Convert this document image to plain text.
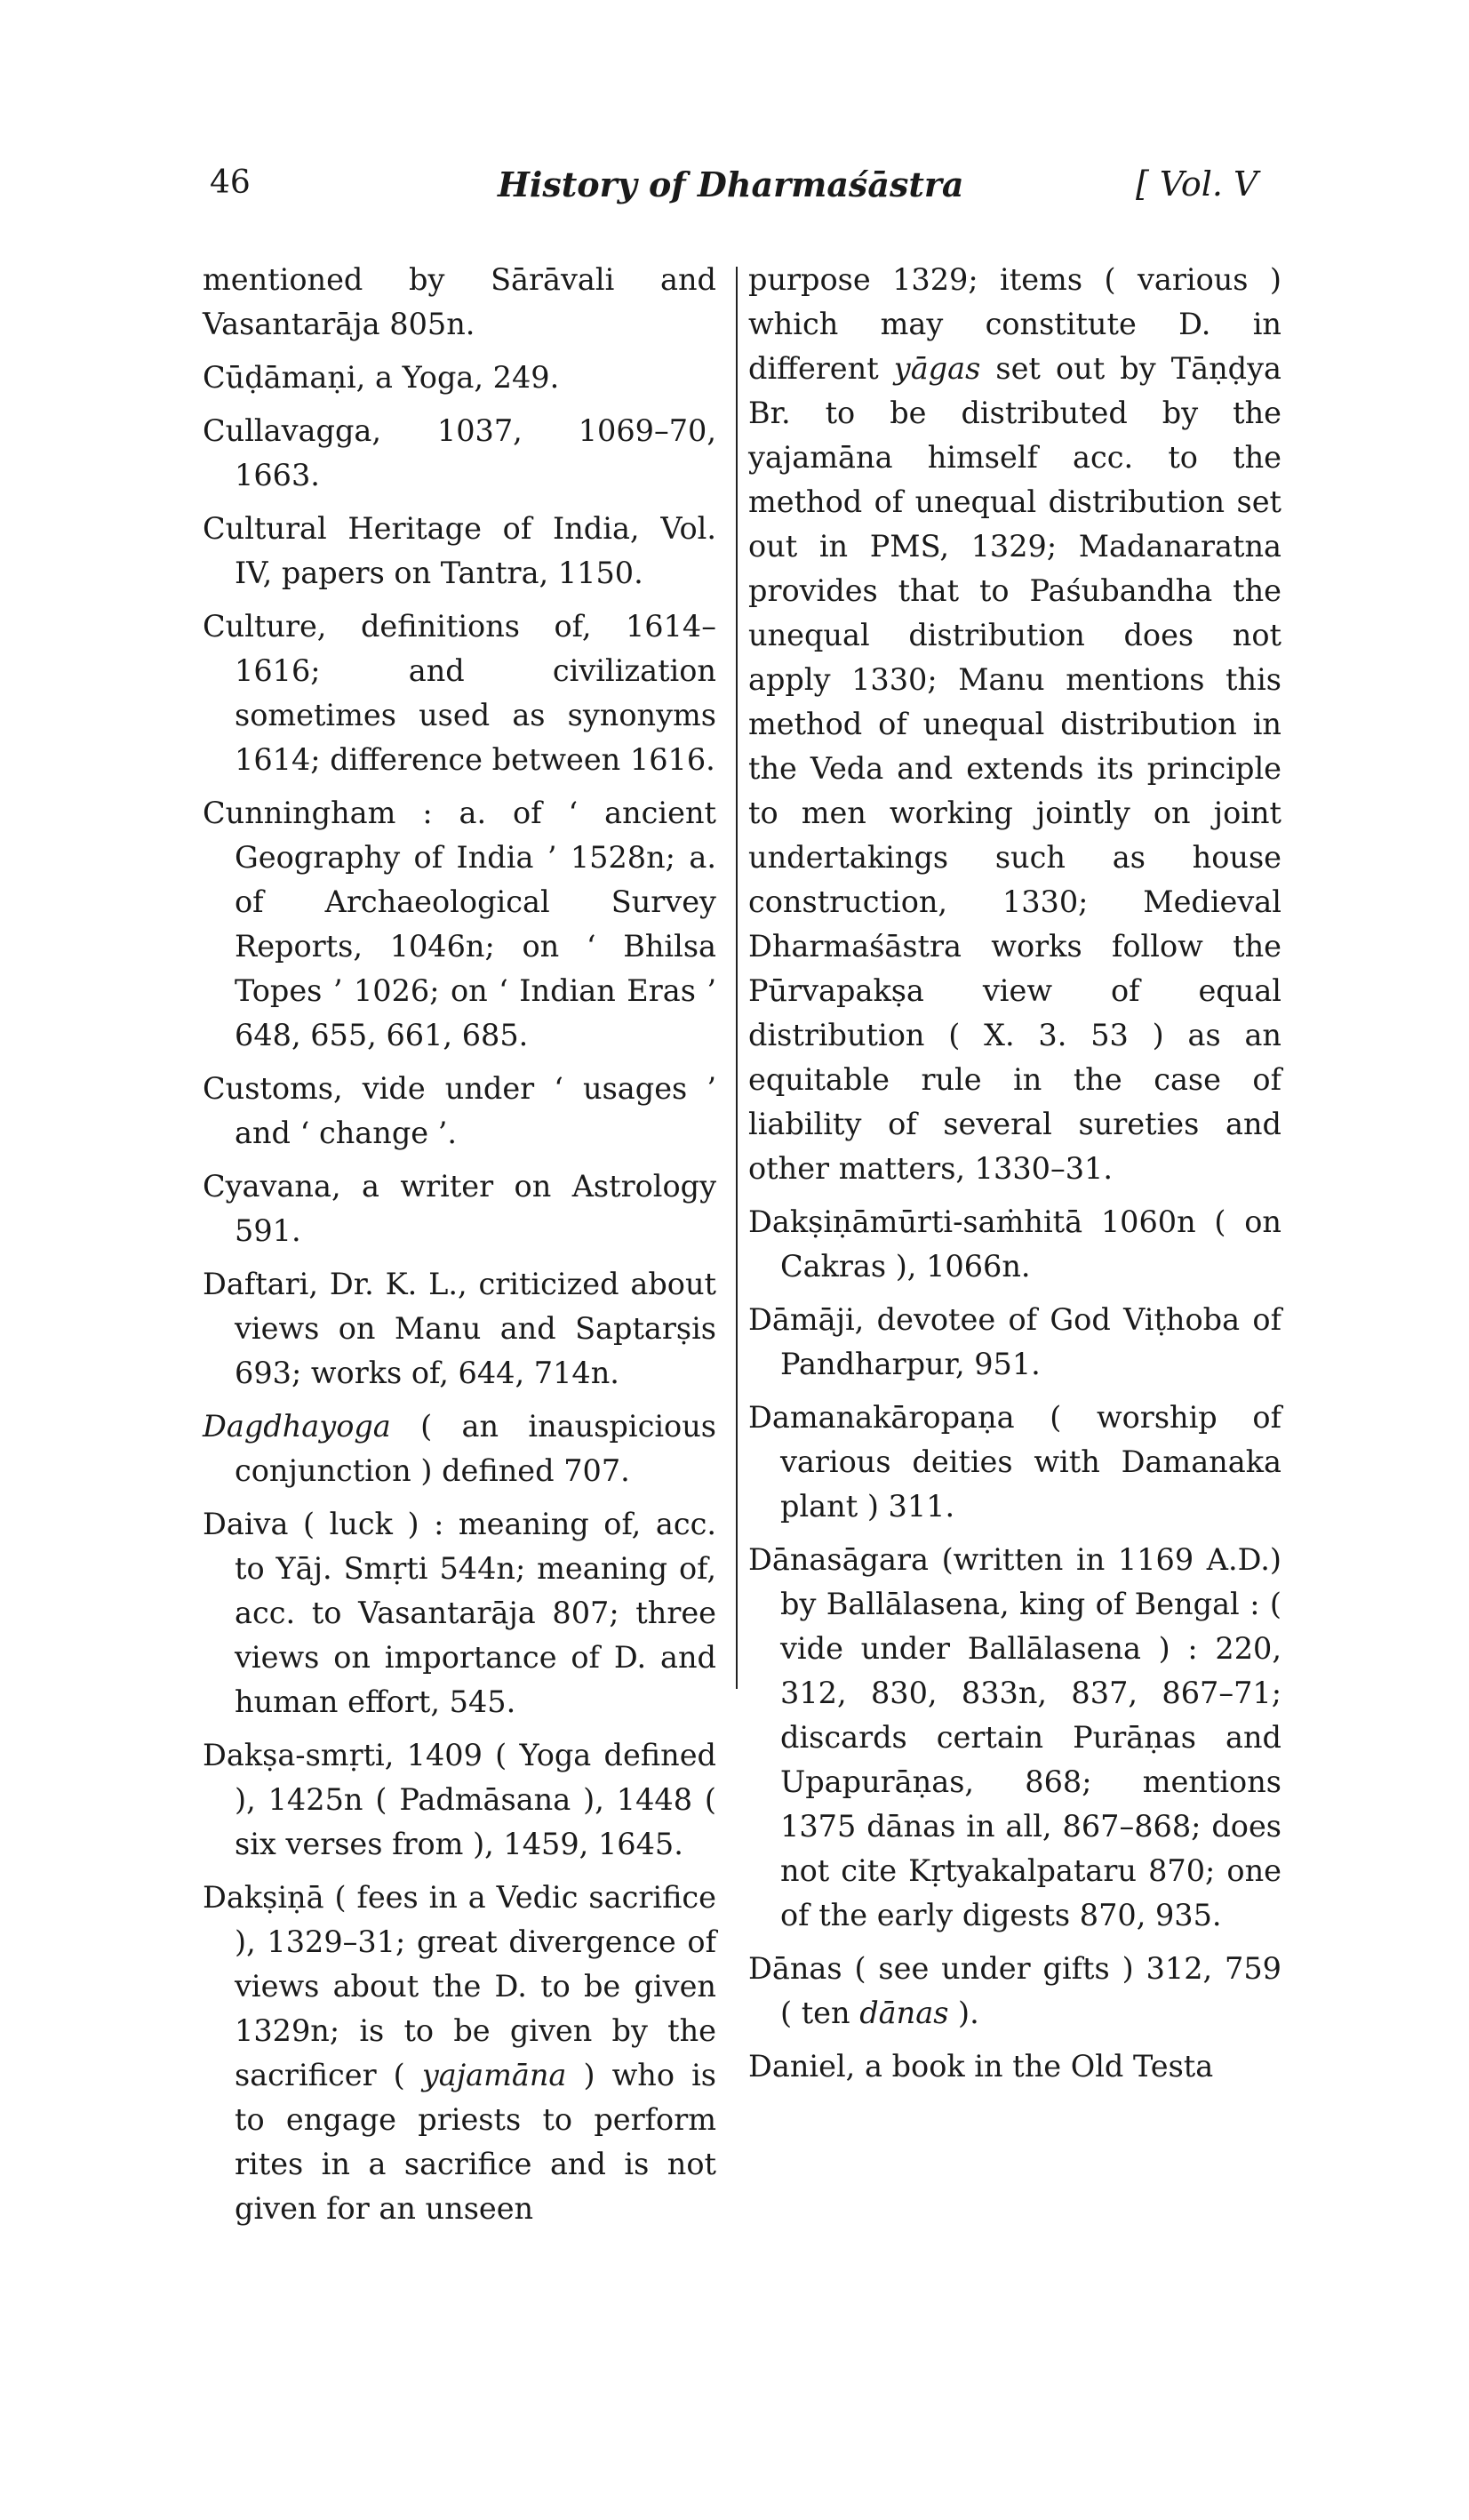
46	History of Dharmaśāstra	[ Vol. V

mentioned by Sārāvali and Vasantarāja 805n.

Cūḍāmaṇi, a Yoga, 249.

Cullavagga, 1037, 1069–70, 1663.

Cultural Heritage of India, Vol. IV, papers on Tantra, 1150.

Culture, definitions of, 1614–1616; and civilization sometimes used as synonyms 1614; difference between 1616.

Cunningham : a. of ‘ ancient Geography of India ’ 1528n; a. of Archaeological Survey Reports, 1046n; on ‘ Bhilsa Topes ’ 1026; on ‘ Indian Eras ’ 648, 655, 661, 685.

Customs, vide under ‘ usages ’ and ‘ change ’.

Cyavana, a writer on Astrology 591.

Daftari, Dr. K. L., criticized about views on Manu and Saptarṣis 693; works of, 644, 714n.

Dagdhayoga ( an inauspicious conjunction ) defined 707.

Daiva ( luck ) : meaning of, acc. to Yāj. Smṛti 544n; meaning of, acc. to Vasantarāja 807; three views on importance of D. and human effort, 545.

Dakṣa-smṛti, 1409 ( Yoga defined ), 1425n ( Padmāsana ), 1448 ( six verses from ), 1459, 1645.

Dakṣiṇā ( fees in a Vedic sacrifice ), 1329–31; great divergence of views about the D. to be given 1329n; is to be given by the sacrificer ( yajamāna ) who is to engage priests to perform rites in a sacrifice and is not given for an unseen

purpose 1329; items ( various ) which may constitute D. in different yāgas set out by Tāṇḍya Br. to be distributed by the yajamāna himself acc. to the method of unequal distribution set out in PMS, 1329; Madanaratna provides that to Paśubandha the unequal distribution does not apply 1330; Manu mentions this method of unequal distribution in the Veda and extends its principle to men working jointly on joint undertakings such as house construction, 1330; Medieval Dharmaśāstra works follow the Pūrvapakṣa view of equal distribution ( X. 3. 53 ) as an equitable rule in the case of liability of several sureties and other matters, 1330–31.

Dakṣiṇāmūrti-saṁhitā 1060n ( on Cakras ), 1066n.

Dāmāji, devotee of God Viṭhoba of Pandharpur, 951.

Damanakāropaṇa ( worship of various deities with Damanaka plant ) 311.

Dānasāgara (written in 1169 A.D.) by Ballālasena, king of Bengal : ( vide under Ballālasena ) : 220, 312, 830, 833n, 837, 867–71; discards certain Purāṇas and Upapurāṇas, 868; mentions 1375 dānas in all, 867–868; does not cite Kṛtyakalpataru 870; one of the early digests 870, 935.

Dānas ( see under gifts ) 312, 759 ( ten dānas ).

Daniel, a book in the Old Testa
